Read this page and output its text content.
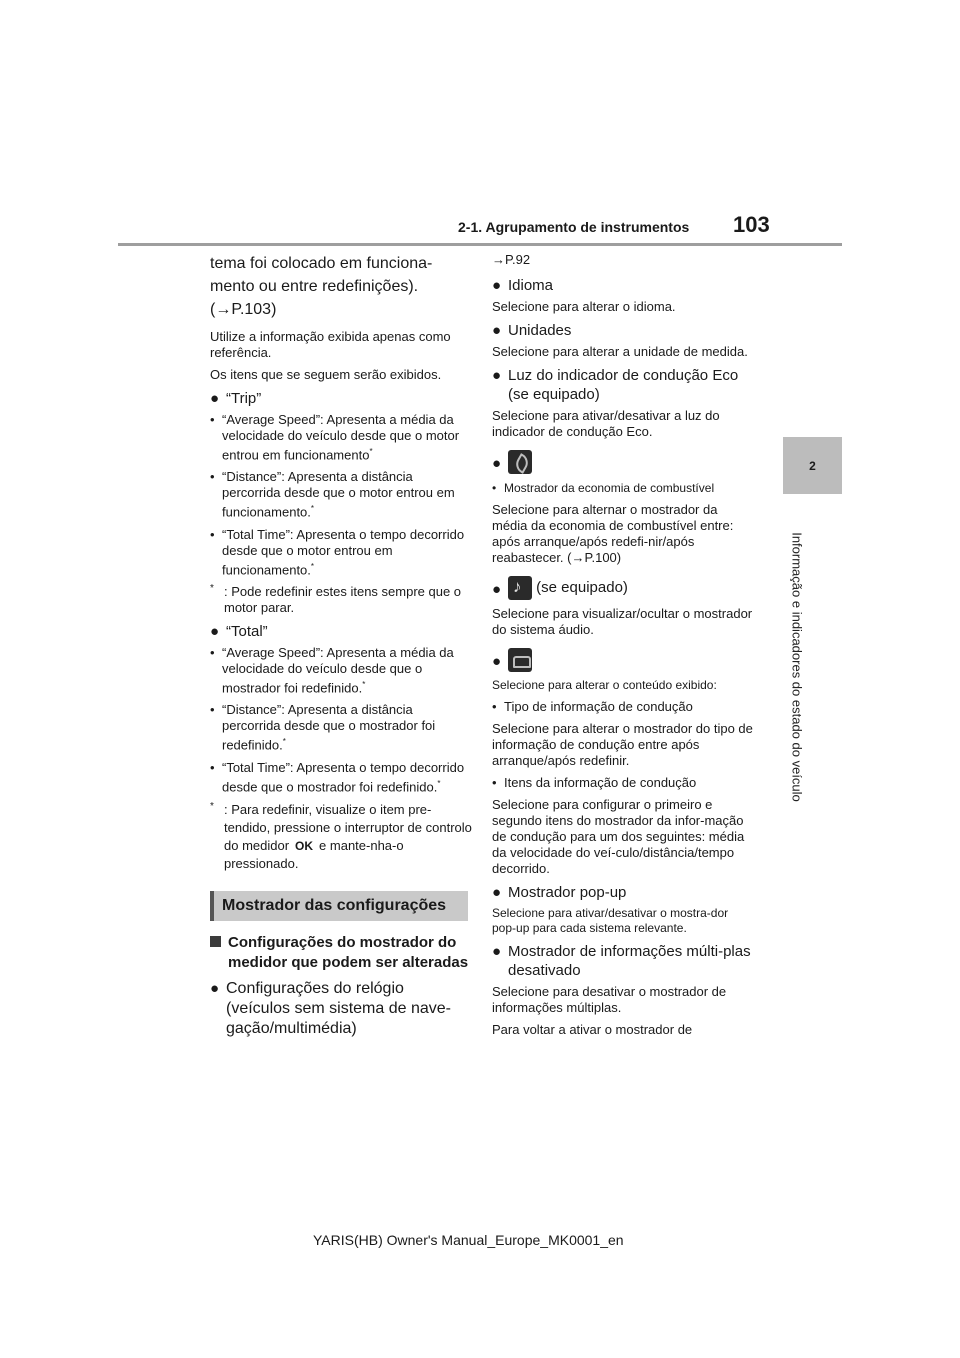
2-1. Agrupamento de instrumentos 103
2
Informação e indicadores do estado do veículo

tema foi colocado em funciona-mento ou entre redefinições).
(→P.103)

Utilize a informação exibida apenas como referência.

Os itens que se seguem serão exibidos.

● “Trip”
• “Average Speed”: Apresenta a média da velocidade do veículo desde que o motor entrou em funcionamento*
• “Distance”: Apresenta a distância percorrida desde que o motor entrou em funcionamento.*
• “Total Time”: Apresenta o tempo decorrido desde que o motor entrou em funcionamento.*
* : Pode redefinir estes itens sempre que o motor parar.
● “Total”
• “Average Speed”: Apresenta a média da velocidade do veículo desde que o mostrador foi redefinido.*
• “Distance”: Apresenta a distância percorrida desde que o mostrador foi redefinido.*
• “Total Time”: Apresenta o tempo decorrido desde que o mostrador foi redefinido.*
* : Para redefinir, visualize o item pre-tendido, pressione o interruptor de controlo do medidor OK e mante-nha-o pressionado.
Mostrador das configurações
Configurações do mostrador do medidor que podem ser alteradas
● Configurações do relógio (veículos sem sistema de nave-gação/multimédia)

→P.92

● Idioma

Selecione para alterar o idioma.

● Unidades

Selecione para alterar a unidade de medida.

● Luz do indicador de condução Eco (se equipado)

Selecione para ativar/desativar a luz do indicador de condução Eco.

●
• Mostrador da economia de combustível

Selecione para alternar o mostrador da média da economia de combustível entre: após arranque/após redefi-nir/após reabastecer. (→P.100)

●
♪ (se equipado)

Selecione para visualizar/ocultar o mostrador do sistema áudio.

●

Selecione para alterar o conteúdo exibido:

• Tipo de informação de condução

Selecione para alterar o mostrador do tipo de informação de condução entre após arranque/após redefinir.

• Itens da informação de condução

Selecione para configurar o primeiro e segundo itens do mostrador da infor-mação de condução para um dos seguintes: média da velocidade do veí-culo/distância/tempo decorrido.

● Mostrador pop-up

Selecione para ativar/desativar o mostra-dor pop-up para cada sistema relevante.

● Mostrador de informações múlti-plas desativado

Selecione para desativar o mostrador de informações múltiplas.

Para voltar a ativar o mostrador de

YARIS(HB) Owner's Manual_Europe_MK0001_en
